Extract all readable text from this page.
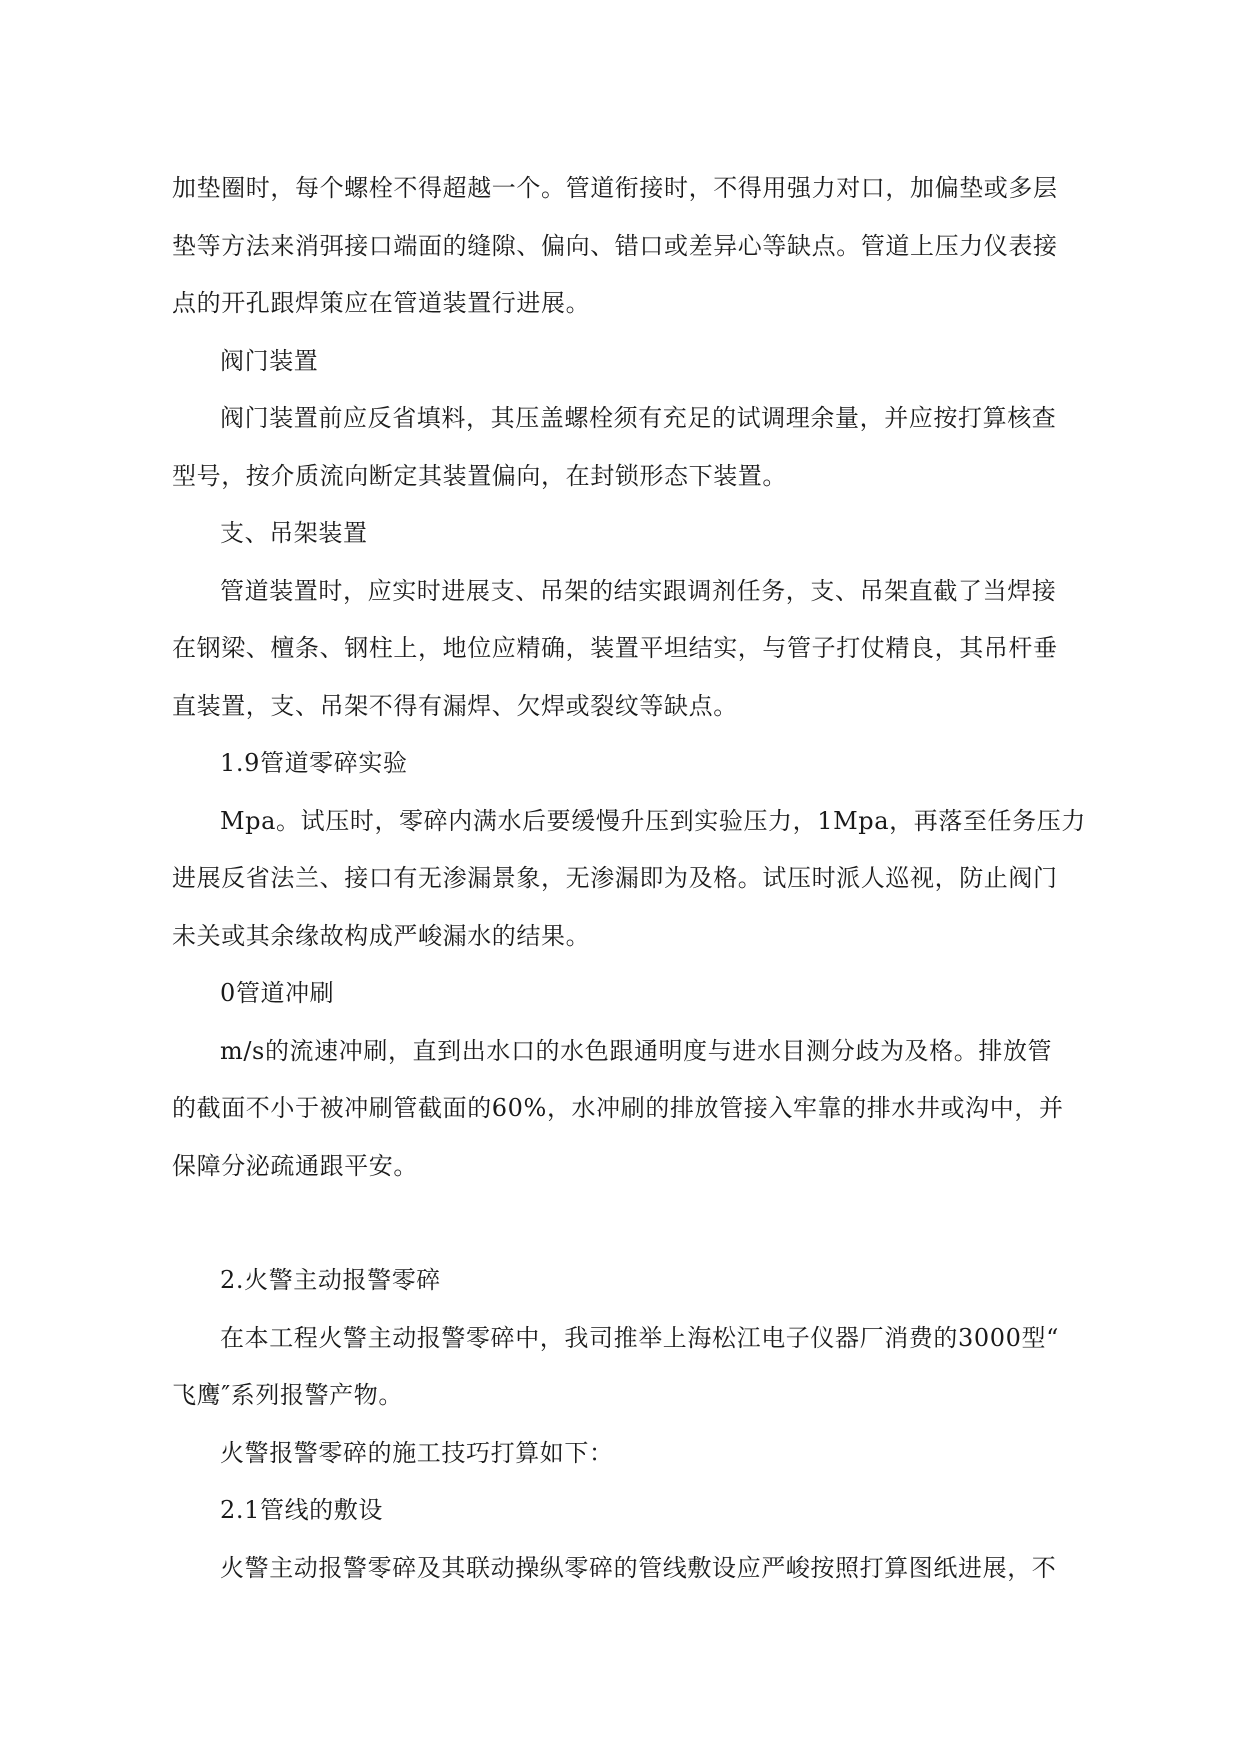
加垫圈时，每个螺栓不得超越一个。管道衔接时，不得用强力对口，加偏垫或多层
垫等方法来消弭接口端面的缝隙、偏向、错口或差异心等缺点。管道上压力仪表接
点的开孔跟焊策应在管道装置行进展。
阀门装置
阀门装置前应反省填料，其压盖螺栓须有充足的试调理余量，并应按打算核查
型号，按介质流向断定其装置偏向，在封锁形态下装置。
支、吊架装置
管道装置时，应实时进展支、吊架的结实跟调剂任务，支、吊架直截了当焊接
在钢梁、檀条、钢柱上，地位应精确，装置平坦结实，与管子打仗精良，其吊杆垂
直装置，支、吊架不得有漏焊、欠焊或裂纹等缺点。
1.9管道零碎实验
Mpa。试压时，零碎内满水后要缓慢升压到实验压力，1Mpa，再落至任务压力
进展反省法兰、接口有无渗漏景象，无渗漏即为及格。试压时派人巡视，防止阀门
未关或其余缘故构成严峻漏水的结果。
0管道冲刷
m/s的流速冲刷，直到出水口的水色跟通明度与进水目测分歧为及格。排放管
的截面不小于被冲刷管截面的60%，水冲刷的排放管接入牢靠的排水井或沟中，并
保障分泌疏通跟平安。
2.火警主动报警零碎
在本工程火警主动报警零碎中，我司推举上海松江电子仪器厂消费的3000型“
飞鹰″系列报警产物。
火警报警零碎的施工技巧打算如下：
2.1管线的敷设
火警主动报警零碎及其联动操纵零碎的管线敷设应严峻按照打算图纸进展，不
